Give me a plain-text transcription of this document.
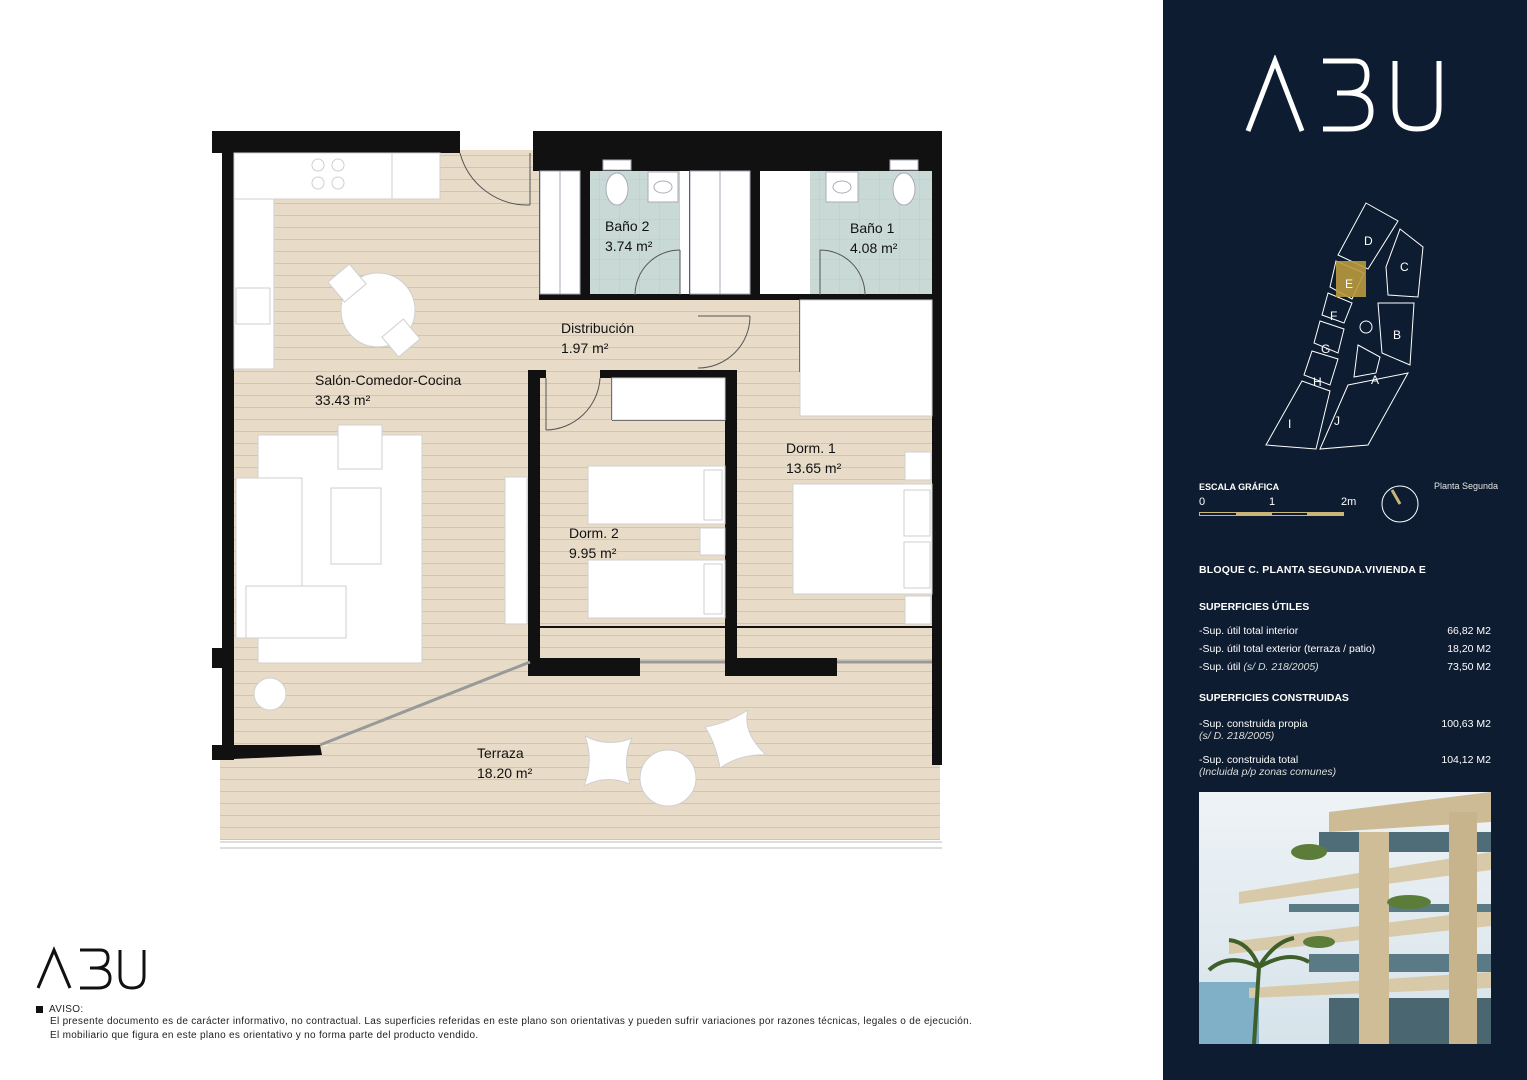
Salón-Comedor-Cocina
33.43 m²
Baño 2
3.74 m²
Baño 1
4.08 m²
Distribución
1.97 m²
Dorm. 1
13.65 m²
Dorm. 2
9.95 m²
Terraza
18.20 m²
AVISO:
El presente documento es de carácter informativo, no contractual. Las superficies referidas en este plano son orientativas y pueden sufrir variaciones por razones técnicas, legales o de ejecución.
El mobiliario que figura en este plano es orientativo y no forma parte del producto vendido.
D
C
E
F
B
G
H	A
I	J
ESCALA GRÁFICA
0	1	2m
Planta Segunda
BLOQUE C. PLANTA SEGUNDA.VIVIENDA E
SUPERFICIES ÚTILES
-Sup. útil total interior	66,82 M2
-Sup. útil total exterior (terraza / patio)	18,20 M2
-Sup. útil (s/ D. 218/2005)	73,50 M2
SUPERFICIES CONSTRUIDAS
-Sup. construida propia
(s/ D. 218/2005)
100,63 M2
-Sup. construida total
(Incluida p/p zonas comunes)
104,12 M2
